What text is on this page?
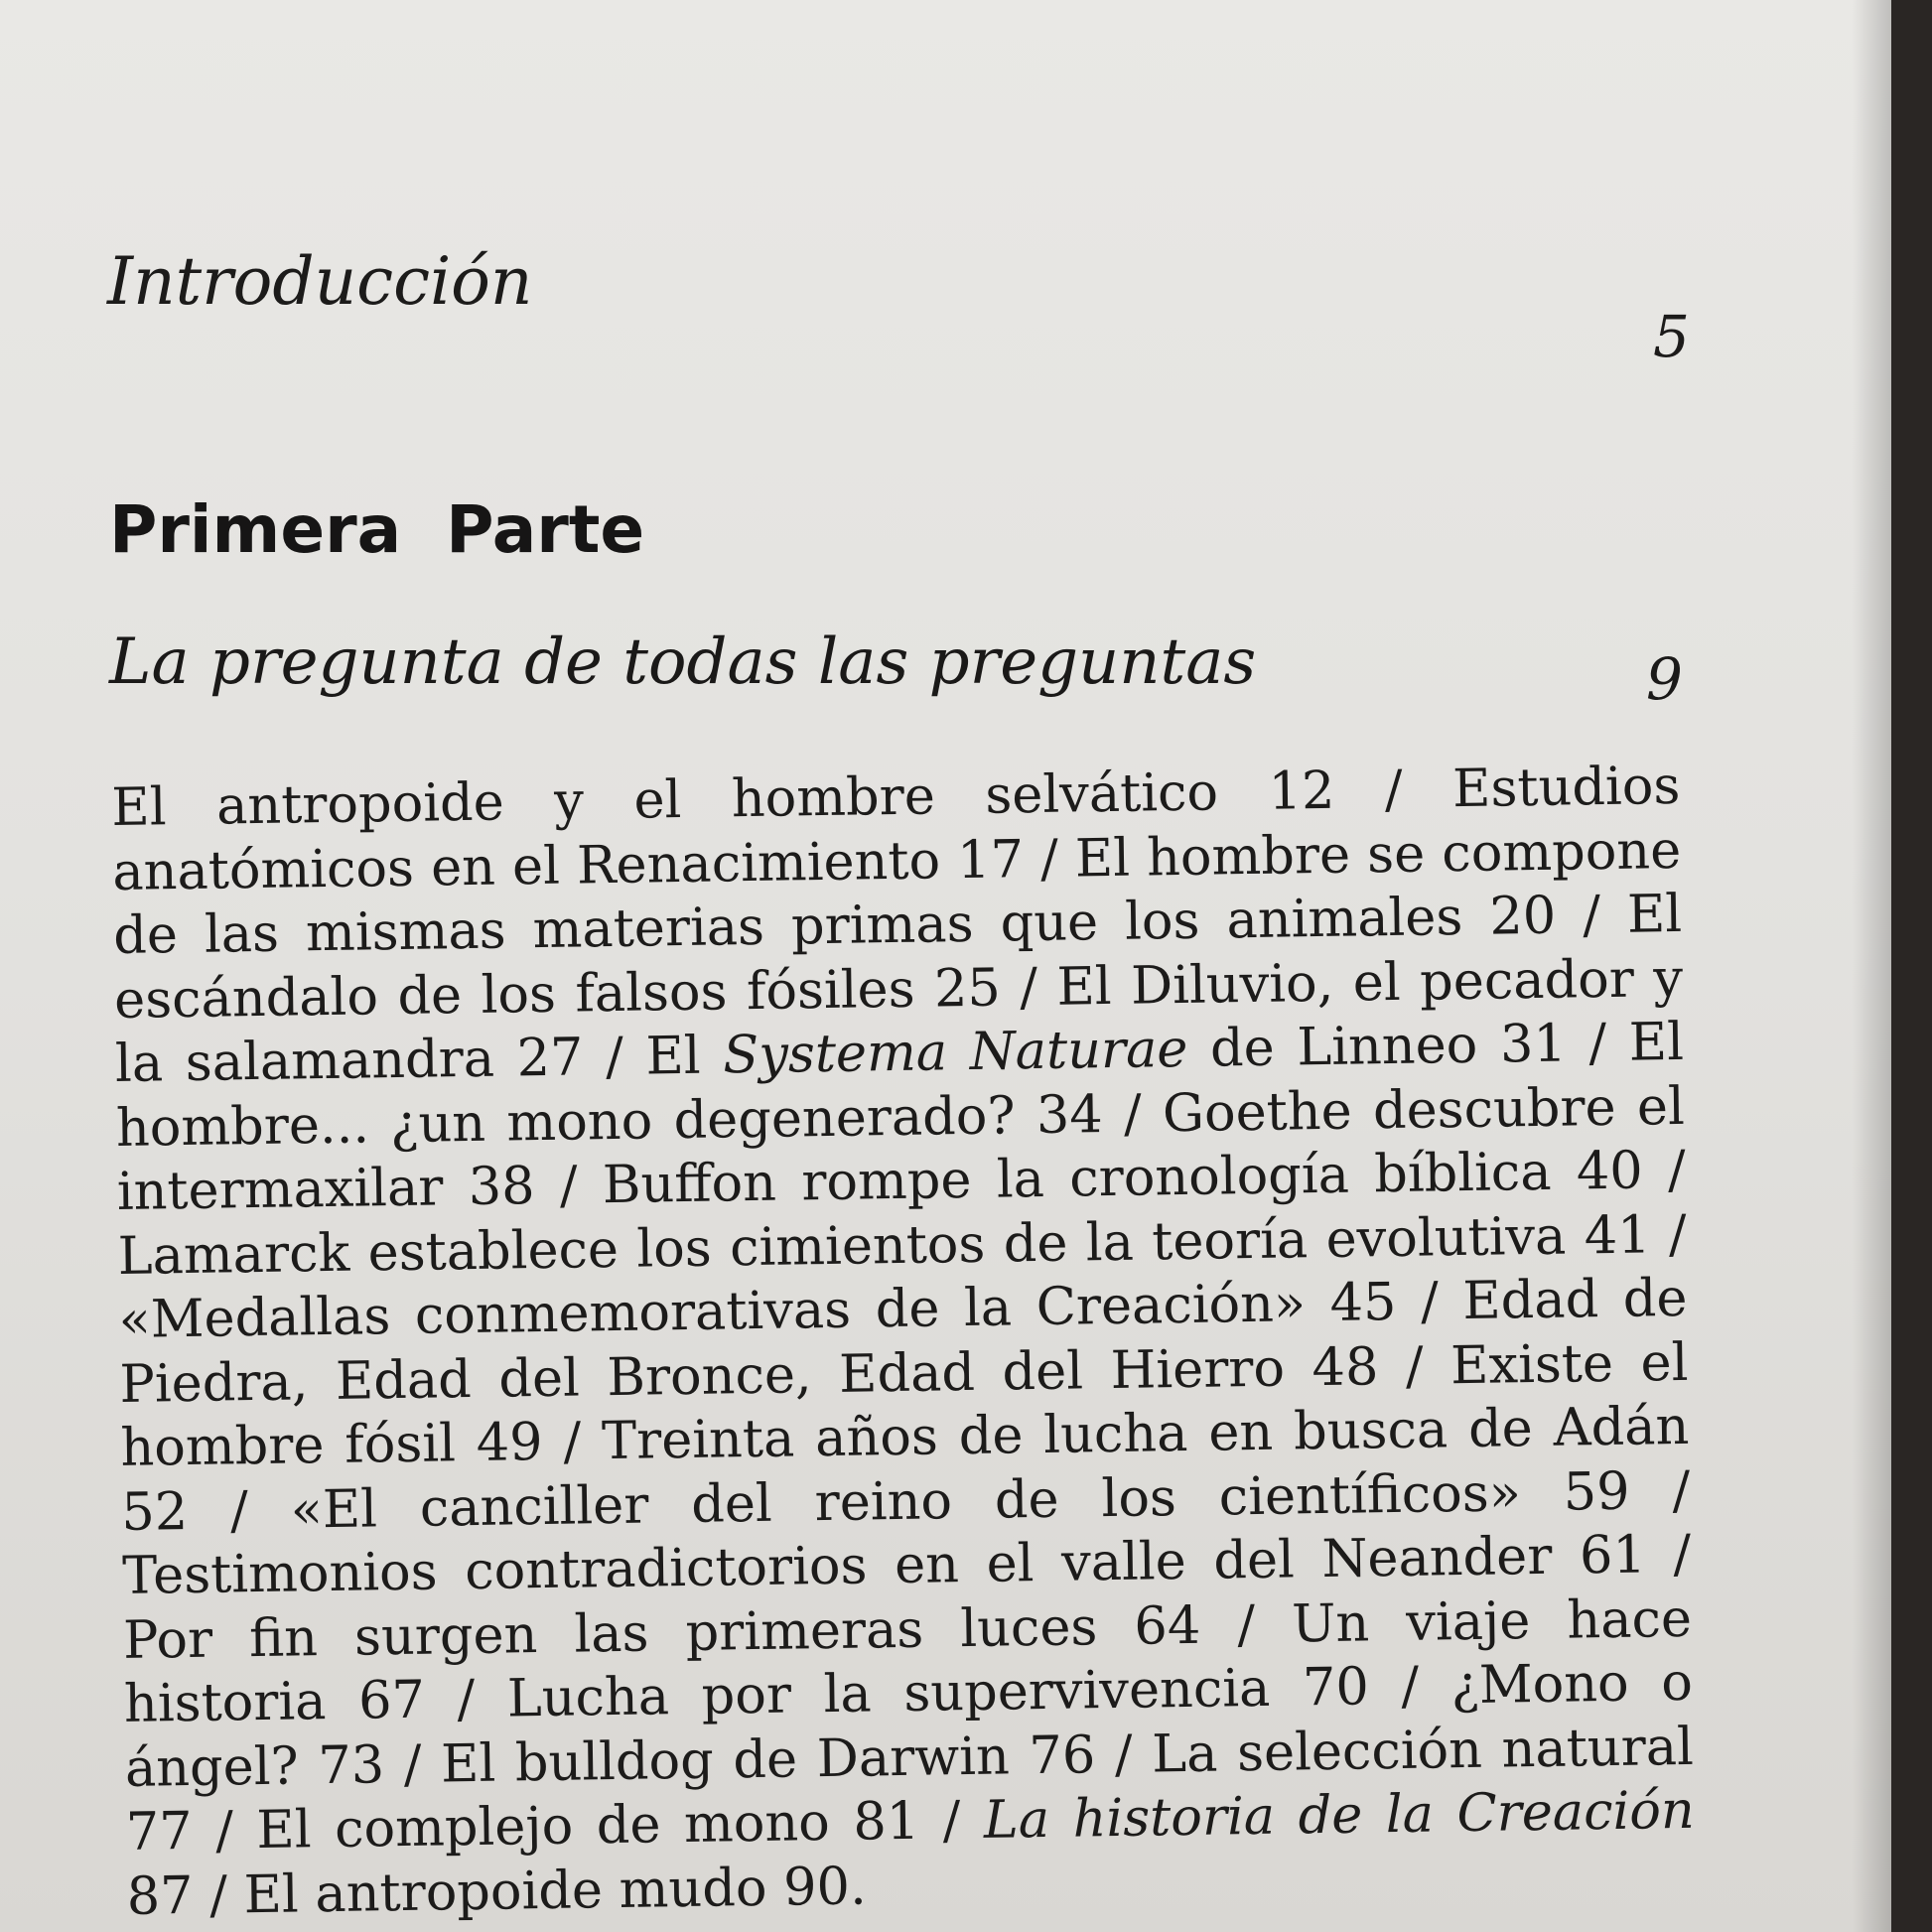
Introducción
5
Primera Parte
La pregunta de todas las preguntas	9
El antropoide y el hombre selvático 12 / Estudios anatómicos en el Renacimiento 17 / El hombre se compone de las mismas materias primas que los animales 20 / El escándalo de los falsos fósiles 25 / El Diluvio, el pecador y la salamandra 27 / El Systema Naturae de Linneo 31 / El hombre... ¿un mono degenerado? 34 / Goethe descubre el intermaxilar 38 / Buffon rompe la cronología bíblica 40 / Lamarck establece los cimientos de la teoría evolutiva 41 / «Medallas conmemorativas de la Creación» 45 / Edad de Piedra, Edad del Bronce, Edad del Hierro 48 / Existe el hombre fósil 49 / Treinta años de lucha en busca de Adán 52 / «El canciller del reino de los científicos» 59 / Testimonios contradictorios en el valle del Neander 61 / Por fin surgen las primeras luces 64 / Un viaje hace historia 67 / Lucha por la supervivencia 70 / ¿Mono o ángel? 73 / El bulldog de Darwin 76 / La selección natural 77 / El complejo de mono 81 / La historia de la Creación 87 / El antropoide mudo 90.
